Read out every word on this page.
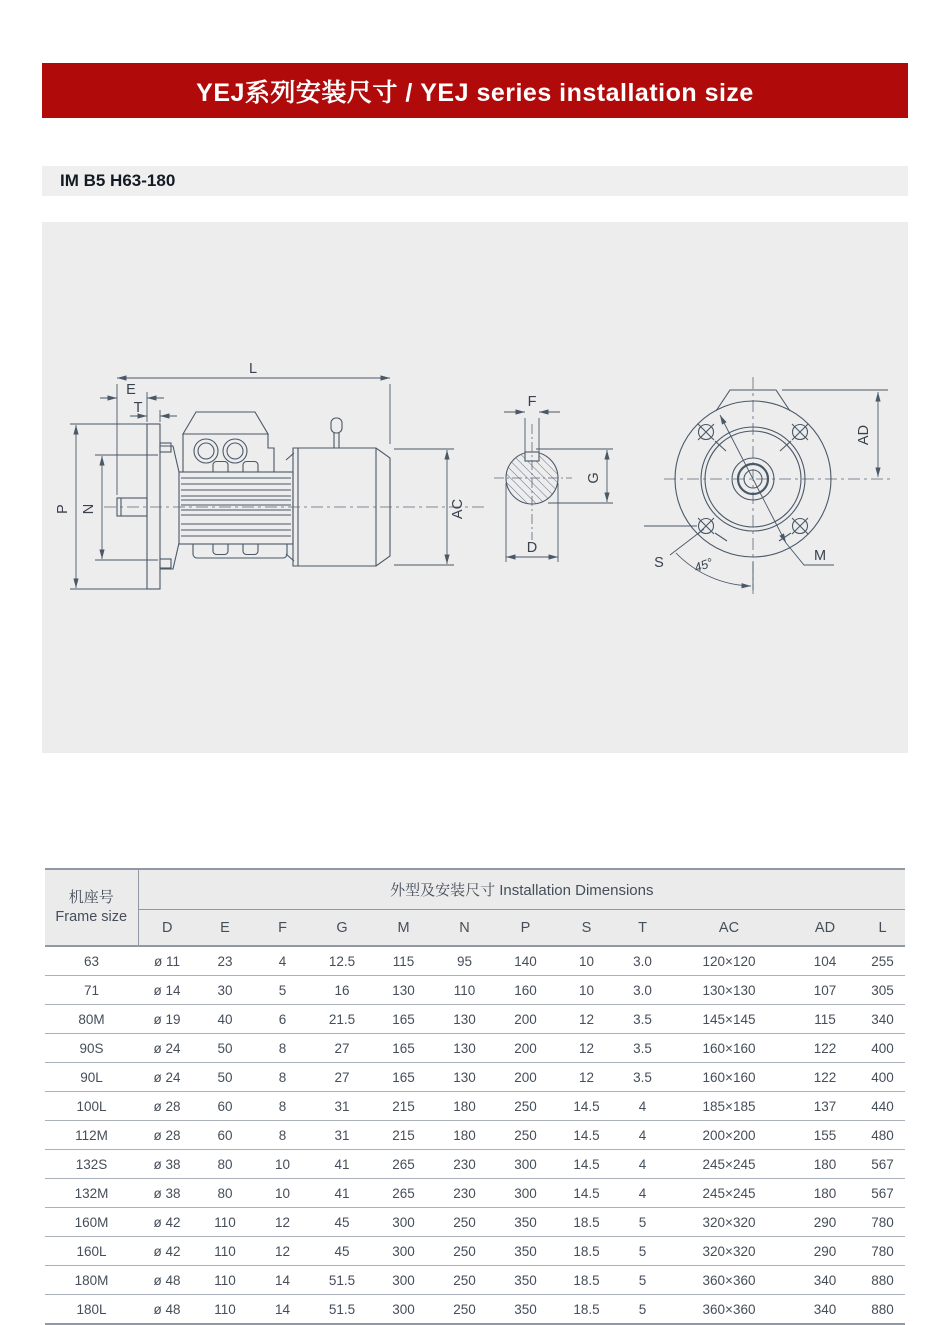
YEJ系列安装尺寸 / YEJ series installation size
IM B5 H63-180
L
E
T
P N	AC
F
G
D
AD
S	M
45°
机座号
Frame size	外型及安装尺寸 Installation Dimensions											
	D	E	F	G	M	N	P	S	T	AC	AD	L
63	ø 11	23	4	12.5	115	95	140	10	3.0	120×120	104	255
71	ø 14	30	5	16	130	110	160	10	3.0	130×130	107	305
80M	ø 19	40	6	21.5	165	130	200	12	3.5	145×145	115	340
90S	ø 24	50	8	27	165	130	200	12	3.5	160×160	122	400
90L	ø 24	50	8	27	165	130	200	12	3.5	160×160	122	400
100L	ø 28	60	8	31	215	180	250	14.5	4	185×185	137	440
112M	ø 28	60	8	31	215	180	250	14.5	4	200×200	155	480
132S	ø 38	80	10	41	265	230	300	14.5	4	245×245	180	567
132M	ø 38	80	10	41	265	230	300	14.5	4	245×245	180	567
160M	ø 42	110	12	45	300	250	350	18.5	5	320×320	290	780
160L	ø 42	110	12	45	300	250	350	18.5	5	320×320	290	780
180M	ø 48	110	14	51.5	300	250	350	18.5	5	360×360	340	880
180L	ø 48	110	14	51.5	300	250	350	18.5	5	360×360	340	880
